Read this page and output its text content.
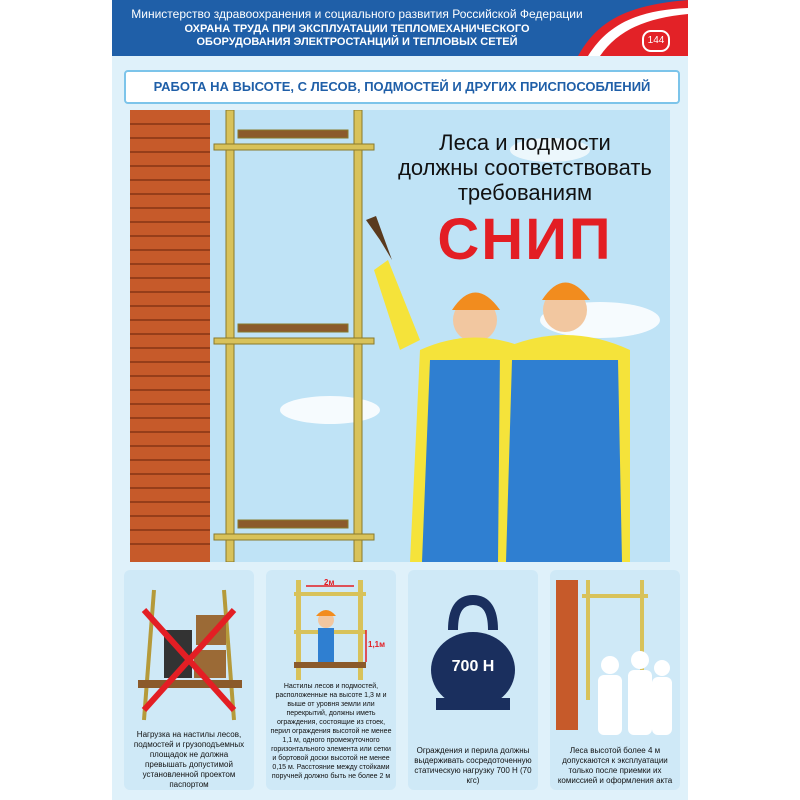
Министерство здравоохранения и социального развития Российской Федерации
ОХРАНА ТРУДА ПРИ ЭКСПЛУАТАЦИИ ТЕПЛОМЕХАНИЧЕСКОГО
ОБОРУДОВАНИЯ ЭЛЕКТРОСТАНЦИЙ И ТЕПЛОВЫХ СЕТЕЙ	144
РАБОТА НА ВЫСОТЕ, С ЛЕСОВ, ПОДМОСТЕЙ И ДРУГИХ ПРИСПОСОБЛЕНИЙ
Леса и подмости
должны соответствовать
требованиям
СНИП
Нагрузка на настилы лесов, подмостей и грузоподъемных площадок не должна превышать допустимой установленной проектом паспортом
2м
1,1м
Настилы лесов и подмостей, расположенные на высоте 1,3 м и выше от уровня земли или перекрытий, должны иметь ограждения, состоящие из стоек, перил ограждения высотой не менее 1,1 м, одного промежуточного горизонтального элемента или сетки и бортовой доски высотой не менее 0,15 м. Расстояние между стойками поручней должно быть не более 2 м
700 Н
Ограждения и перила должны выдерживать сосредоточенную статическую нагрузку 700 Н (70 кгс)
Леса высотой более 4 м допускаются к эксплуатации только после приемки их комиссией и оформления акта
